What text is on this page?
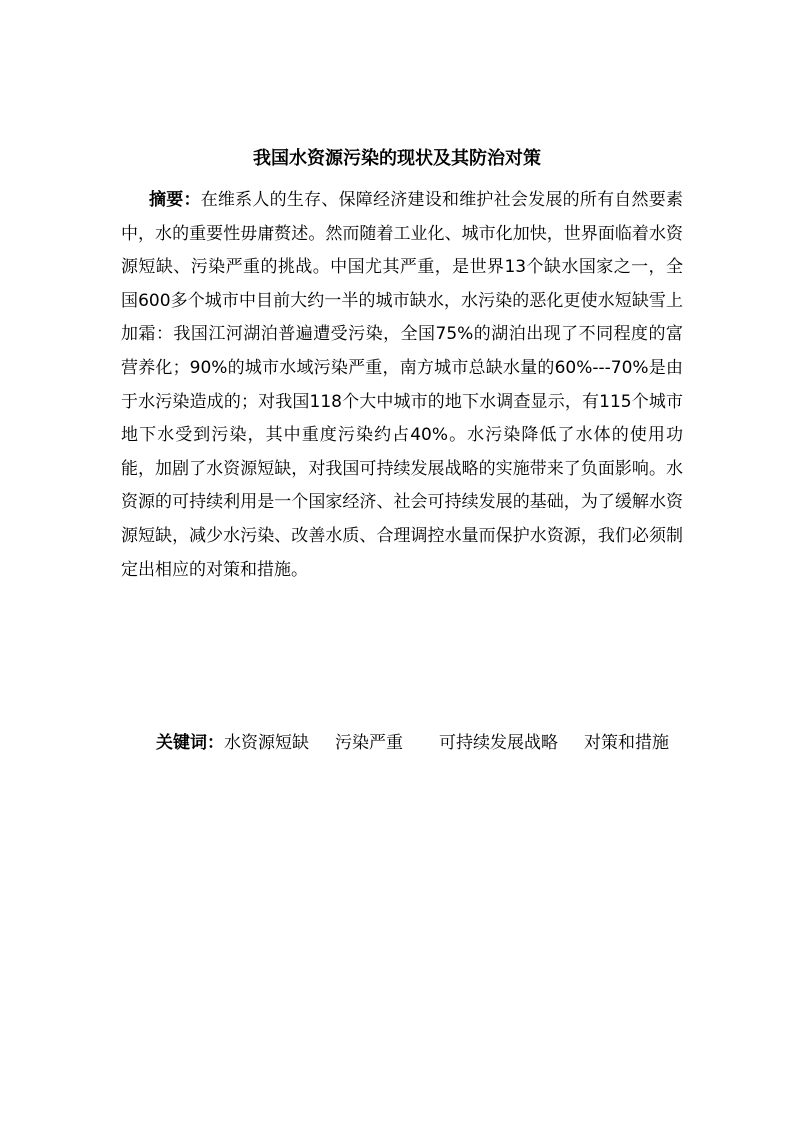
我国水资源污染的现状及其防治对策

摘要：在维系人的生存、保障经济建设和维护社会发展的所有自然要素中，水的重要性毋庸赘述。然而随着工业化、城市化加快，世界面临着水资源短缺、污染严重的挑战。中国尤其严重，是世界13个缺水国家之一，全国600多个城市中目前大约一半的城市缺水，水污染的恶化更使水短缺雪上加霜：我国江河湖泊普遍遭受污染，全国75%的湖泊出现了不同程度的富营养化；90%的城市水域污染严重，南方城市总缺水量的60%---70%是由于水污染造成的；对我国118个大中城市的地下水调查显示，有115个城市地下水受到污染，其中重度污染约占40%。水污染降低了水体的使用功能，加剧了水资源短缺，对我国可持续发展战略的实施带来了负面影响。水资源的可持续利用是一个国家经济、社会可持续发展的基础，为了缓解水资源短缺，减少水污染、改善水质、合理调控水量而保护水资源，我们必须制定出相应的对策和措施。

关键词：水资源短缺 污染严重 可持续发展战略 对策和措施
